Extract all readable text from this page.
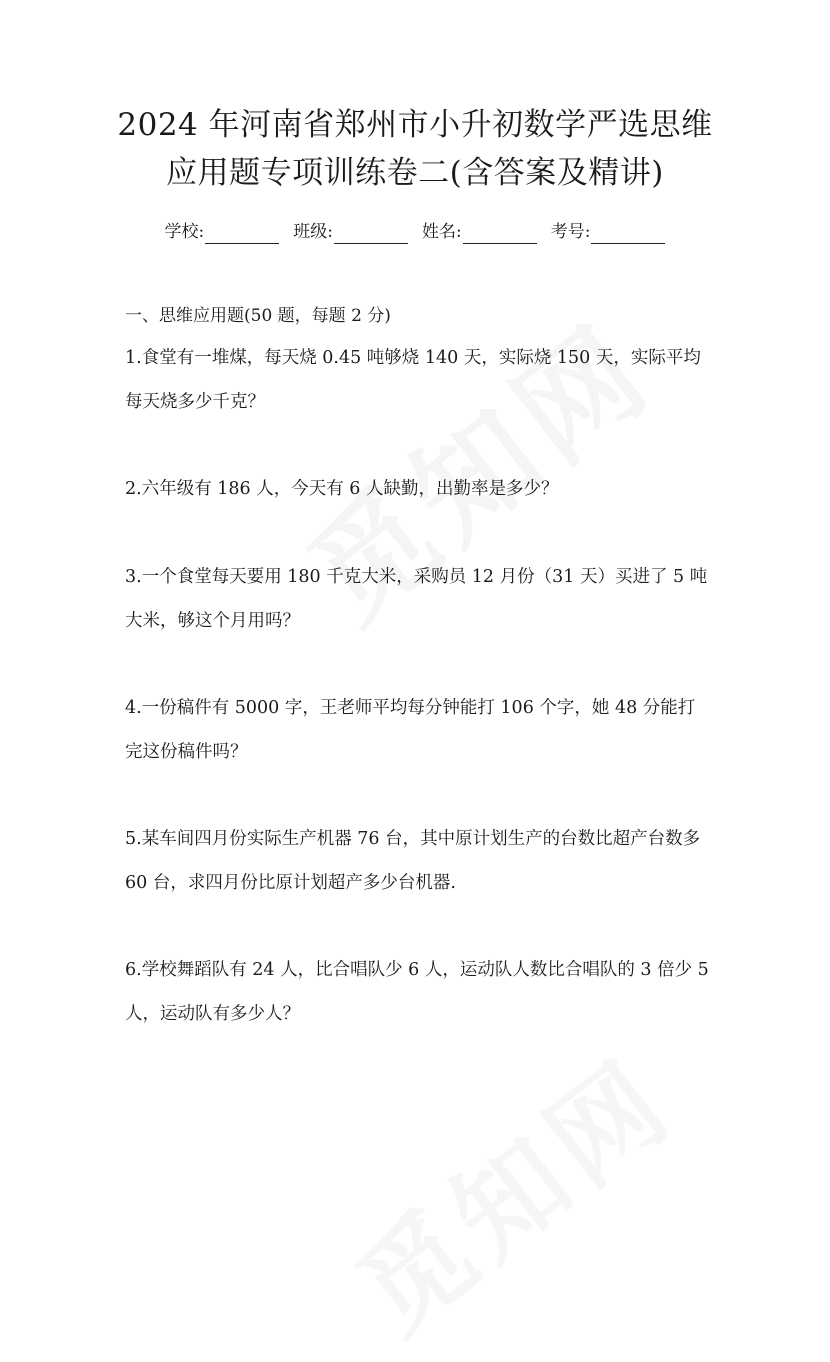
2024 年河南省郑州市小升初数学严选思维
应用题专项训练卷二(含答案及精讲)
学校:	班级:	姓名:	考号:
一、思维应用题(50 题，每题 2 分)
1.食堂有一堆煤，每天烧 0.45 吨够烧 140 天，实际烧 150 天，实际平均每天烧多少千克？
2.六年级有 186 人，今天有 6 人缺勤，出勤率是多少？
3.一个食堂每天要用 180 千克大米，采购员 12 月份（31 天）买进了 5 吨大米，够这个月用吗？
4.一份稿件有 5000 字，王老师平均每分钟能打 106 个字，她 48 分能打完这份稿件吗？
5.某车间四月份实际生产机器 76 台，其中原计划生产的台数比超产台数多 60 台，求四月份比原计划超产多少台机器.
6.学校舞蹈队有 24 人，比合唱队少 6 人，运动队人数比合唱队的 3 倍少 5 人，运动队有多少人？
